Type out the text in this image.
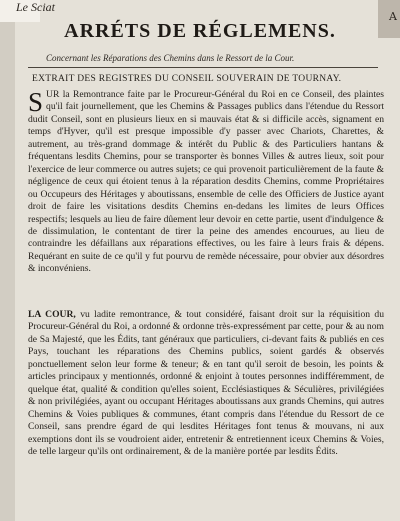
Le Sciat
A
ARRÉTS DE RÉGLEMENS.
Concernant les Réparations des Chemins dans le Ressort de la Cour.
EXTRAIT DES REGISTRES DU CONSEIL SOUVERAIN DE TOURNAY.

SUR la Remontrance faite par le Procureur-Général du Roi en ce Conseil, des plaintes qu'il fait journellement, que les Chemins & Passages publics dans l'étendue du Ressort dudit Conseil, sont en plusieurs lieux en si mauvais état & si difficile accès, signament en temps d'Hyver, qu'il est presque impossible d'y passer avec Chariots, Charettes, & autrement, au très-grand dommage & intérêt du Public & des Particuliers hantans & fréquentans lesdits Chemins, pour se transporter ès bonnes Villes & autres lieux, soit pour l'exercice de leur commerce ou autres sujets; ce qui provenoit particulièrement de la faute & négligence de ceux qui étoient tenus à la réparation desdits Chemins, comme Propriétaires ou Occupeurs des Héritages y aboutissans, ensemble de celle des Officiers de Justice ayant droit de faire les visitations desdits Chemins en-dedans les limites de leurs Offices respectifs; lesquels au lieu de faire dûement leur devoir en cette partie, usent d'indulgence & de dissimulation, le contentant de tirer la peine des amendes encourues, au lieu de contraindre les défaillans aux réparations effectives, ou les faire à leurs frais & dépens. Requérant en suite de ce qu'il y fut pourvu de remède nécessaire, pour obvier aux désordres & inconvéniens.

LA COUR, vu ladite remontrance, & tout considéré, faisant droit sur la réquisition du Procureur-Général du Roi, a ordonné & ordonne très-expressément par cette, pour & au nom de Sa Majesté, que les Édits, tant généraux que particuliers, ci-devant faits & publiés en ces Pays, touchant les réparations des Chemins publics, soient gardés & observés ponctuellement selon leur forme & teneur; & en tant qu'il seroit de besoin, les points & articles principaux y mentionnés, ordonné & enjoint à toutes personnes indifféremment, de quelque état, qualité & condition qu'elles soient, Ecclésiastiques & Séculières, privilégiées & non privilégiées, ayant ou occupant Héritages aboutissans aux grands Chemins, qui autres Chemins & Voies publiques & communes, étant compris dans l'étendue du Ressort de ce Conseil, sans prendre égard de qui lesdites Héritages font tenus & mouvans, ni aux exemptions dont ils se voudroient aider, entretenir & entretiennent iceux Chemins & Voies, de telle largeur qu'ils ont ordinairement, & de la manière portée par lesdits Édits.
